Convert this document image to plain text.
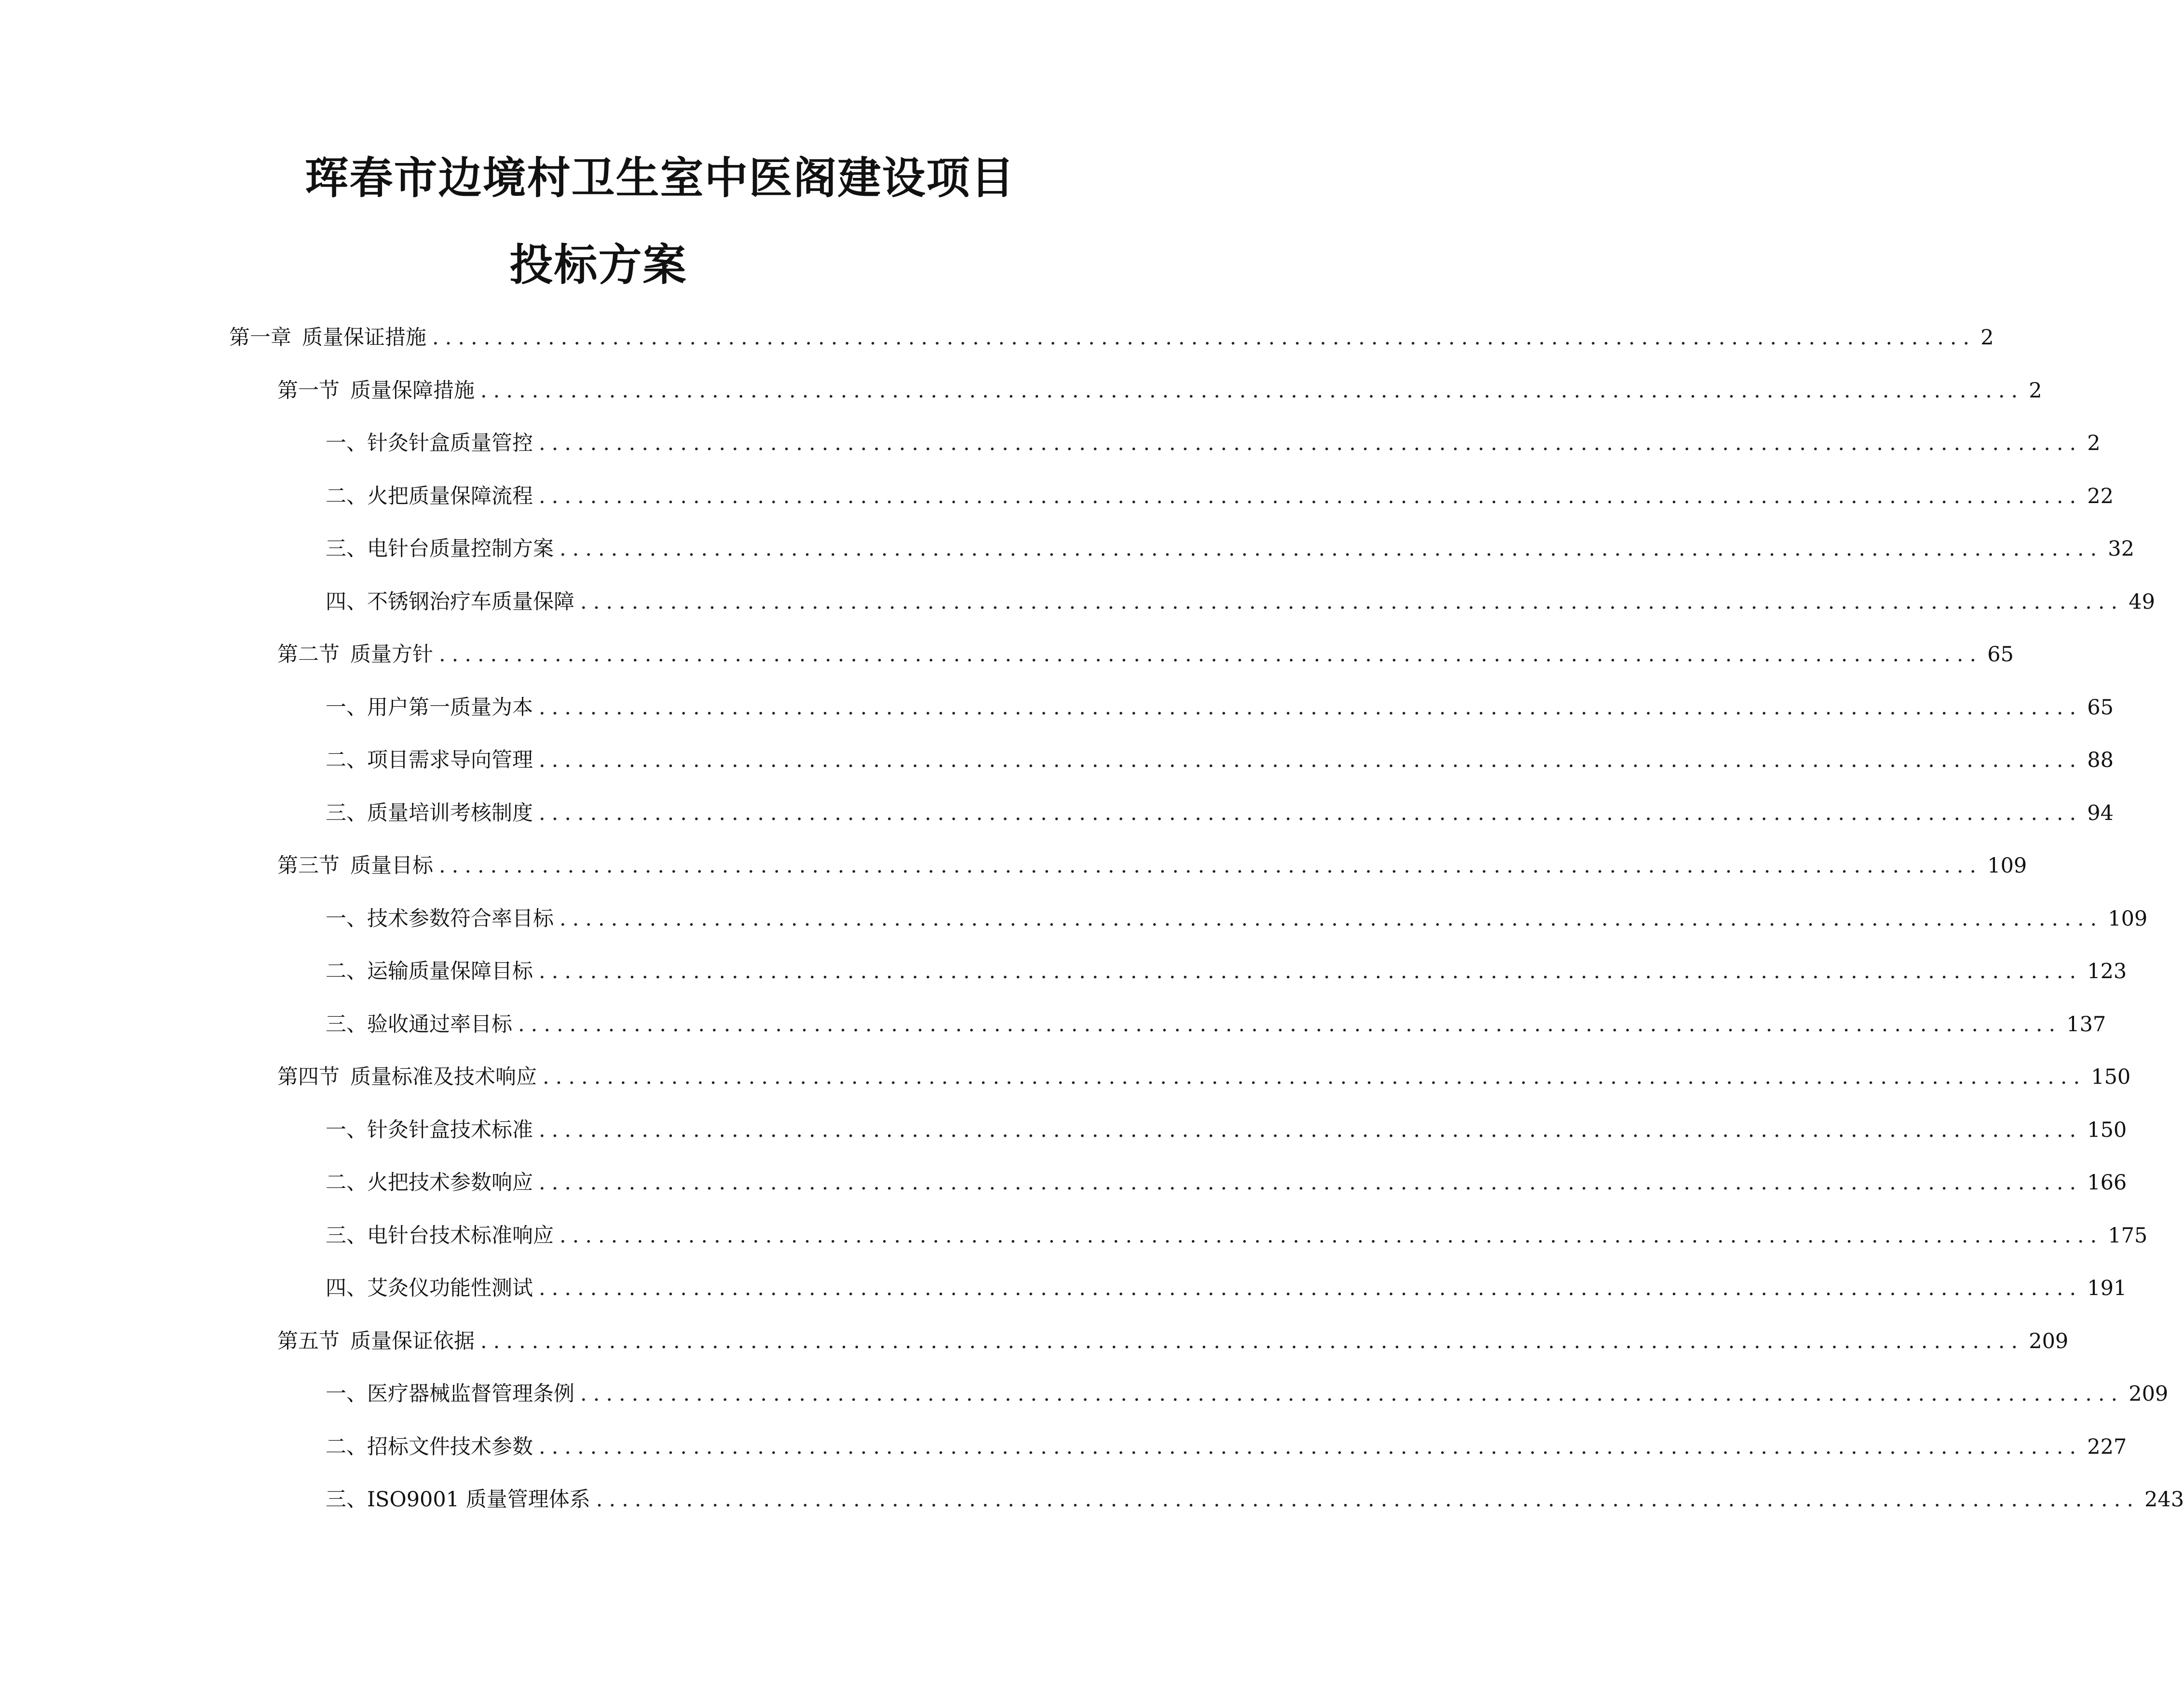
珲春市边境村卫生室中医阁建设项目
投标方案
第一章 质量保证措施 ........................................................................................................................ 2
第一节 质量保障措施 ........................................................................................................................ 2
一、 针灸针盒质量管控 ........................................................................................................................ 2
二、 火把质量保障流程 ........................................................................................................................ 22
三、 电针台质量控制方案 ........................................................................................................................ 32
四、 不锈钢治疗车质量保障 ........................................................................................................................ 49
第二节 质量方针 ........................................................................................................................ 65
一、 用户第一质量为本 ........................................................................................................................ 65
二、 项目需求导向管理 ........................................................................................................................ 88
三、 质量培训考核制度 ........................................................................................................................ 94
第三节 质量目标 ........................................................................................................................ 109
一、 技术参数符合率目标 ........................................................................................................................ 109
二、 运输质量保障目标 ........................................................................................................................ 123
三、 验收通过率目标 ........................................................................................................................ 137
第四节 质量标准及技术响应 ........................................................................................................................ 150
一、 针灸针盒技术标准 ........................................................................................................................ 150
二、 火把技术参数响应 ........................................................................................................................ 166
三、 电针台技术标准响应 ........................................................................................................................ 175
四、 艾灸仪功能性测试 ........................................................................................................................ 191
第五节 质量保证依据 ........................................................................................................................ 209
一、 医疗器械监督管理条例 ........................................................................................................................ 209
二、 招标文件技术参数 ........................................................................................................................ 227
三、 ISO9001 质量管理体系 ........................................................................................................................ 243
